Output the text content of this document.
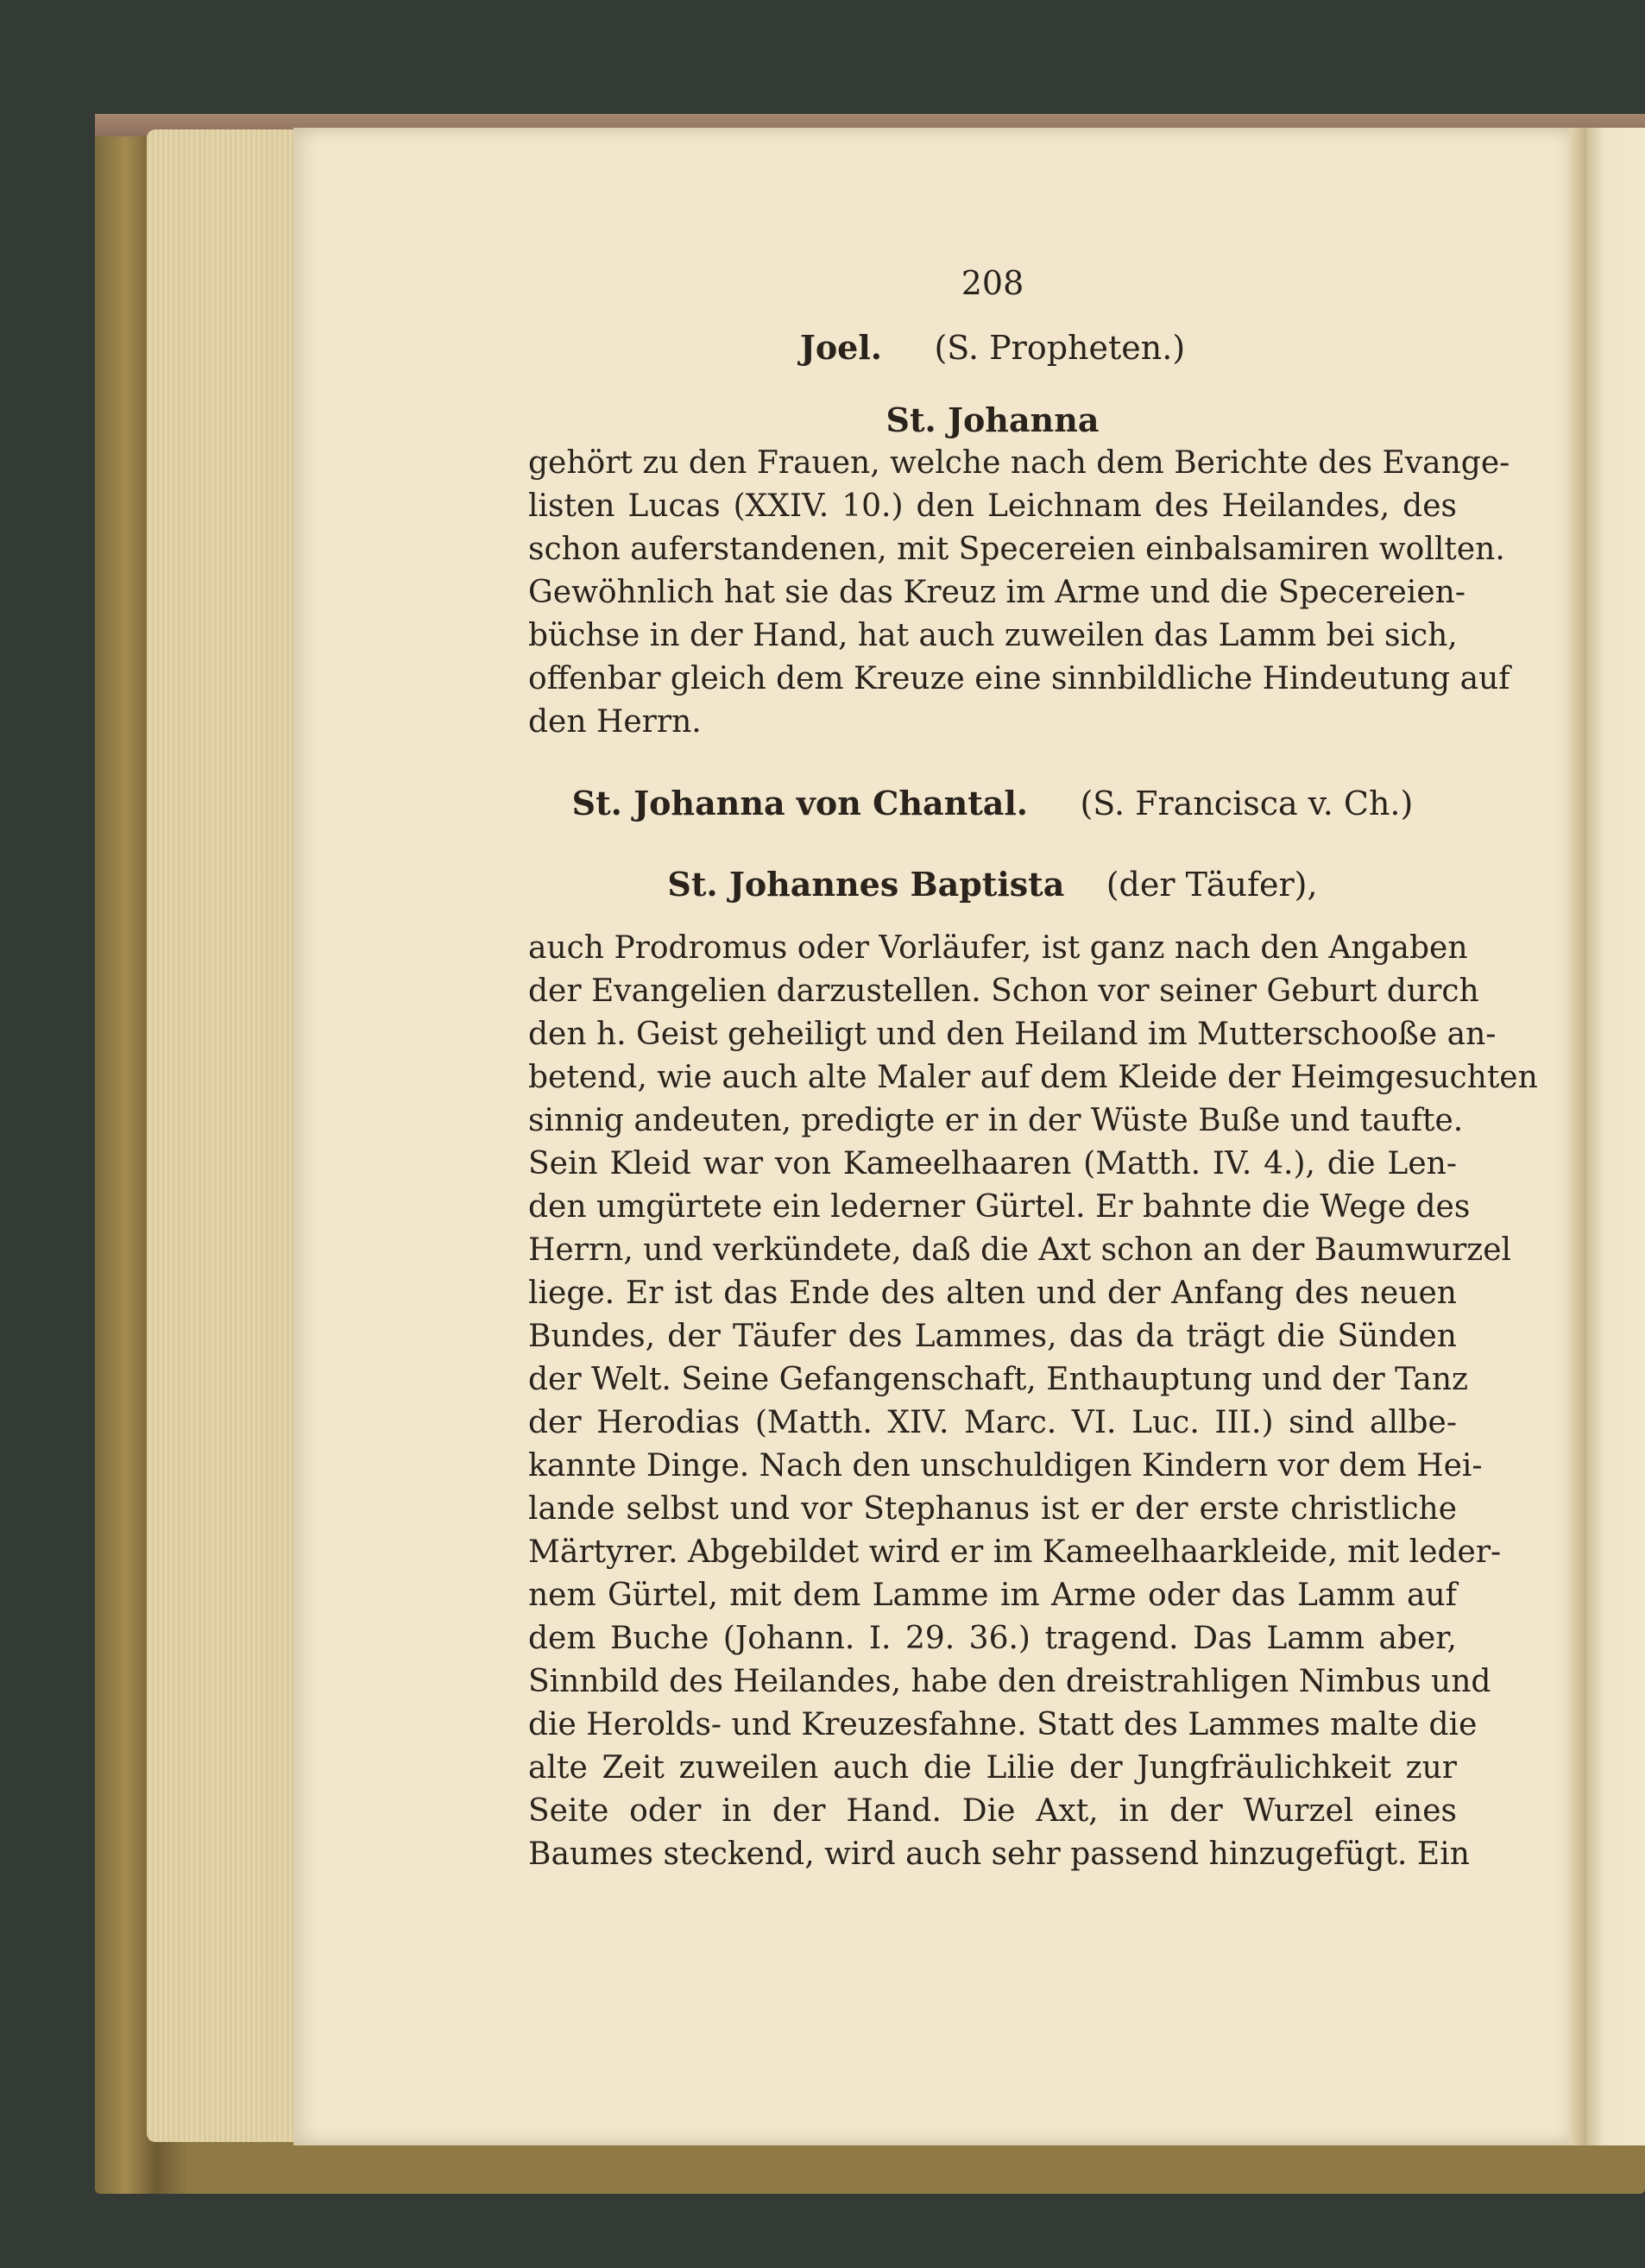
208
Joel. (S. Propheten.)
St. Johanna
gehört zu den Frauen, welche nach dem Berichte des Evange-
listen Lucas (XXIV. 10.) den Leichnam des Heilandes, des
schon auferstandenen, mit Specereien einbalsamiren wollten.
Gewöhnlich hat sie das Kreuz im Arme und die Specereien-
büchse in der Hand, hat auch zuweilen das Lamm bei sich,
offenbar gleich dem Kreuze eine sinnbildliche Hindeutung auf
den Herrn.
St. Johanna von Chantal. (S. Francisca v. Ch.)
St. Johannes Baptista (der Täufer),
auch Prodromus oder Vorläufer, ist ganz nach den Angaben
der Evangelien darzustellen. Schon vor seiner Geburt durch
den h. Geist geheiligt und den Heiland im Mutterschooße an-
betend, wie auch alte Maler auf dem Kleide der Heimgesuchten
sinnig andeuten, predigte er in der Wüste Buße und taufte.
Sein Kleid war von Kameelhaaren (Matth. IV. 4.), die Len-
den umgürtete ein lederner Gürtel. Er bahnte die Wege des
Herrn, und verkündete, daß die Axt schon an der Baumwurzel
liege. Er ist das Ende des alten und der Anfang des neuen
Bundes, der Täufer des Lammes, das da trägt die Sünden
der Welt. Seine Gefangenschaft, Enthauptung und der Tanz
der Herodias (Matth. XIV. Marc. VI. Luc. III.) sind allbe-
kannte Dinge. Nach den unschuldigen Kindern vor dem Hei-
lande selbst und vor Stephanus ist er der erste christliche
Märtyrer. Abgebildet wird er im Kameelhaarkleide, mit leder-
nem Gürtel, mit dem Lamme im Arme oder das Lamm auf
dem Buche (Johann. I. 29. 36.) tragend. Das Lamm aber,
Sinnbild des Heilandes, habe den dreistrahligen Nimbus und
die Herolds- und Kreuzesfahne. Statt des Lammes malte die
alte Zeit zuweilen auch die Lilie der Jungfräulichkeit zur
Seite oder in der Hand. Die Axt, in der Wurzel eines
Baumes steckend, wird auch sehr passend hinzugefügt. Ein
